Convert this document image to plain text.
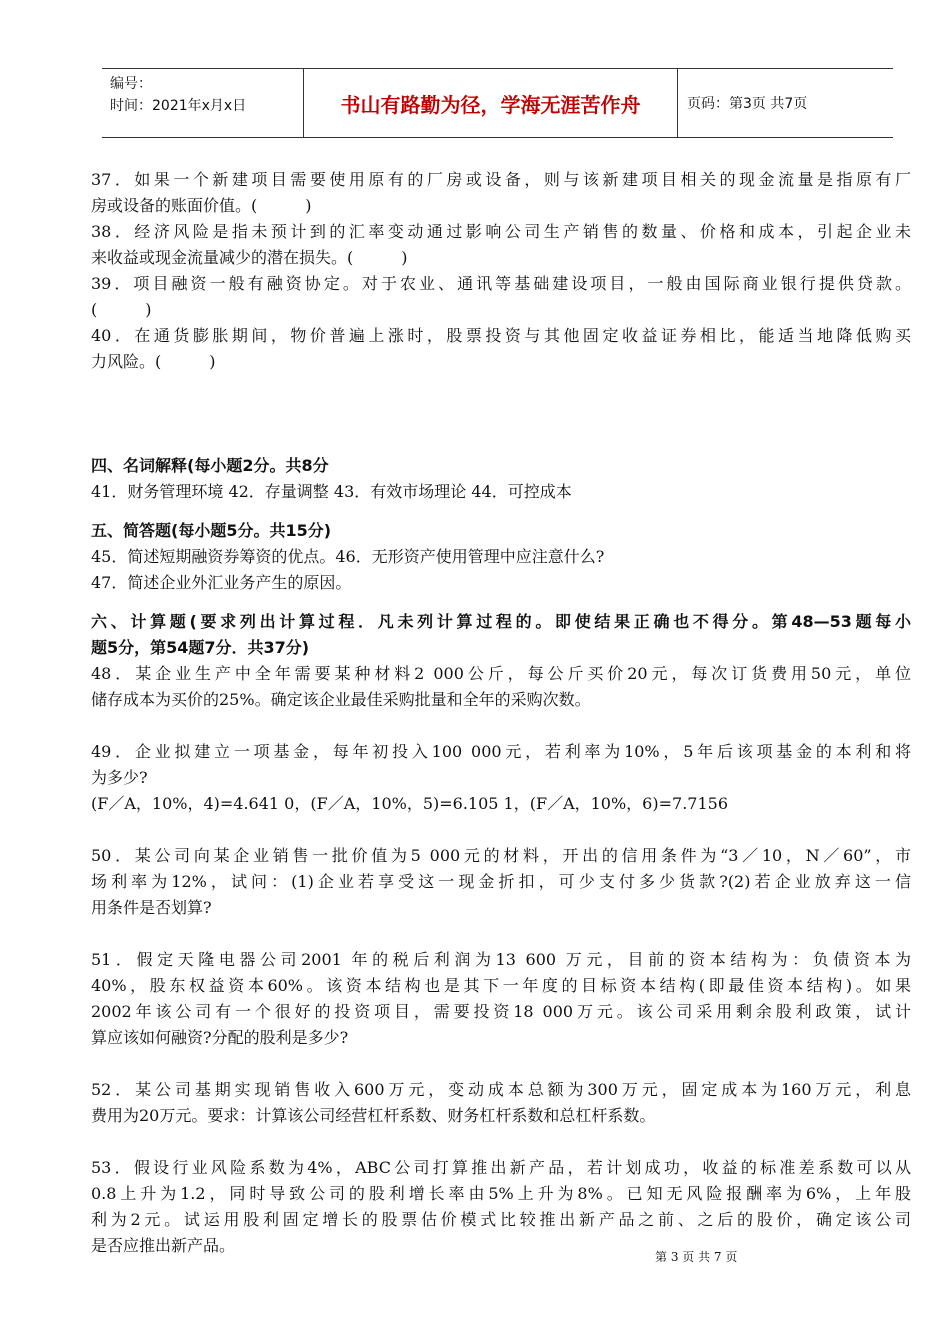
编号：
时间：2021年x月x日	书山有路勤为径，学海无涯苦作舟	页码：第3页 共7页
37．如果一个新建项目需要使用原有的厂房或设备，则与该新建项目相关的现金流量是指原有厂
房或设备的账面价值。(　　　)
38．经济风险是指未预计到的汇率变动通过影响公司生产销售的数量、价格和成本，引起企业未
来收益或现金流量减少的潜在损失。(　　　)
39．项目融资一般有融资协定。对于农业、通讯等基础建设项目，一般由国际商业银行提供贷款。
(　　　)
40．在通货膨胀期间，物价普遍上涨时，股票投资与其他固定收益证券相比，能适当地降低购买
力风险。(　　　)
四、名词解释(每小题2分。共8分
41．财务管理环境 42．存量调整 43．有效市场理论 44．可控成本
五、简答题(每小题5分。共15分)
45．简述短期融资券筹资的优点。46．无形资产使用管理中应注意什么?
47．简述企业外汇业务产生的原因。
六、计算题(要求列出计算过程．凡未列计算过程的。即使结果正确也不得分。第48—53题每小
题5分，第54题7分．共37分)
48．某企业生产中全年需要某种材料2 000公斤，每公斤买价20元，每次订货费用50元，单位
储存成本为买价的25%。确定该企业最佳采购批量和全年的采购次数。
49．企业拟建立一项基金，每年初投入100 000元，若利率为10%，5年后该项基金的本利和将
为多少?
(F／A，10%，4)=4.641 0，(F／A，10%，5)=6.105 1，(F／A，10%，6)=7.7156
50．某公司向某企业销售一批价值为5 000元的材料，开出的信用条件为“3／10，N／60”，市
场利率为12%，试问：(1)企业若享受这一现金折扣，可少支付多少货款?(2)若企业放弃这一信
用条件是否划算?
51．假定天隆电器公司2001 年的税后利润为13 600 万元，目前的资本结构为：负债资本为
40%，股东权益资本60%。该资本结构也是其下一年度的目标资本结构(即最佳资本结构)。如果
2002年该公司有一个很好的投资项目，需要投资18 000万元。该公司采用剩余股利政策，试计
算应该如何融资?分配的股利是多少?
52．某公司基期实现销售收入600万元，变动成本总额为300万元，固定成本为160万元，利息
费用为20万元。要求：计算该公司经营杠杆系数、财务杠杆系数和总杠杆系数。
53．假设行业风险系数为4%，ABC公司打算推出新产品，若计划成功，收益的标准差系数可以从
0.8上升为1.2，同时导致公司的股利增长率由5%上升为8%。已知无风险报酬率为6%，上年股
利为2元。试运用股利固定增长的股票估价模式比较推出新产品之前、之后的股价，确定该公司
是否应推出新产品。
第 3 页 共 7 页
